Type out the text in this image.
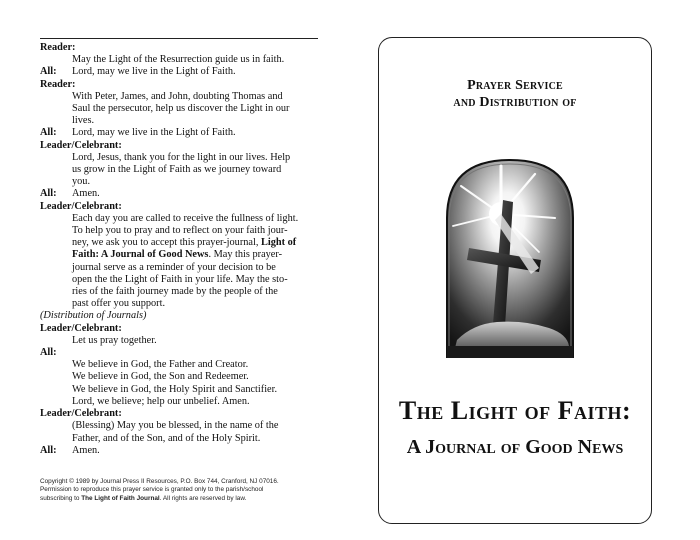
Reader:
May the Light of the Resurrection guide us in faith.
All:	Lord, may we live in the Light of Faith.
Reader:
With Peter, James, and John, doubting Thomas and
Saul the persecutor, help us discover the Light in our
lives.
All:	Lord, may we live in the Light of Faith.
Leader/Celebrant:
Lord, Jesus, thank you for the light in our lives. Help
us grow in the Light of Faith as we journey toward
you.
All:	Amen.
Leader/Celebrant:
Each day you are called to receive the fullness of light.
To help you to pray and to reflect on your faith jour-
ney, we ask you to accept this prayer-journal, Light of
Faith: A Journal of Good News. May this prayer-
journal serve as a reminder of your decision to be
open the the Light of Faith in your life. May the sto-
ries of the faith journey made by the people of the
past offer you support.
(Distribution of Journals)
Leader/Celebrant:
Let us pray together.
All:
We believe in God, the Father and Creator.
We believe in God, the Son and Redeemer.
We believe in God, the Holy Spirit and Sanctifier.
Lord, we believe; help our unbelief. Amen.
Leader/Celebrant:
(Blessing) May you be blessed, in the name of the
Father, and of the Son, and of the Holy Spirit.
All:	Amen.
Copyright © 1989 by Journal Press II Resources, P.O. Box 744, Cranford, NJ 07016.
Permission to reproduce this prayer service is granted only to the parish/school
subscribing to The Light of Faith Journal. All rights are reserved by law.
Prayer Service
and Distribution of
The Light of Faith:
A Journal of Good News
